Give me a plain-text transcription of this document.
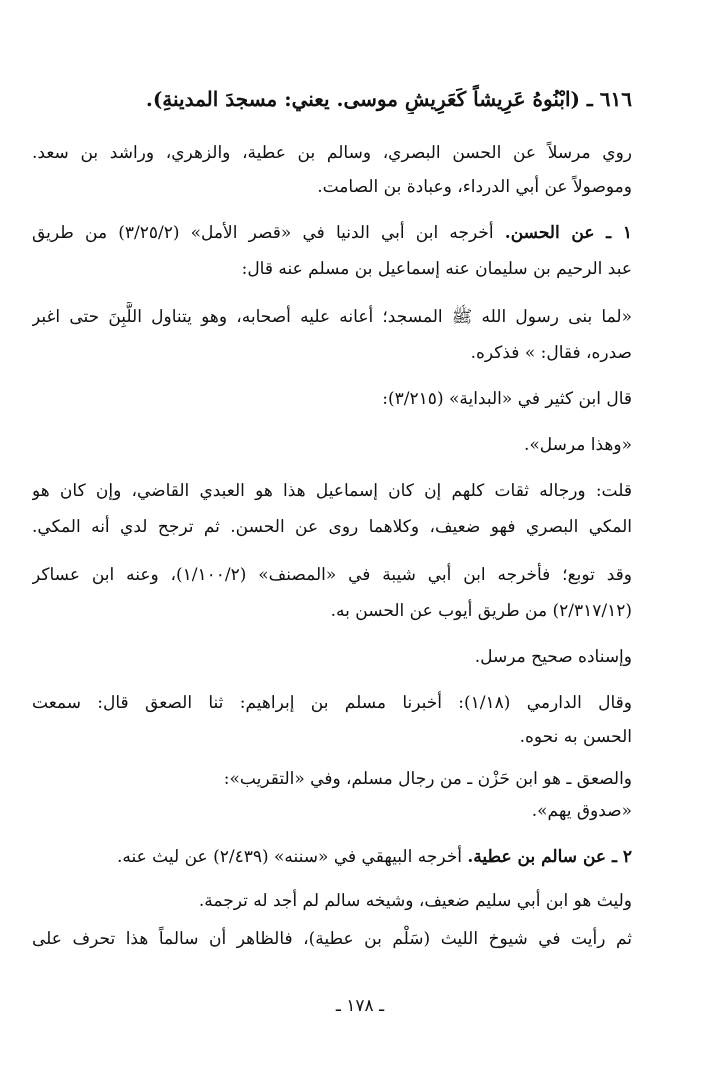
٦١٦ ـ (ابْنُوهُ عَرِيشاً كَعَرِيشِ موسى. يعني: مسجدَ المدينةِ).
روي مرسلاً عن الحسن البصري، وسالم بن عطية، والزهري، وراشد بن سعد.
وموصولاً عن أبي الدرداء، وعبادة بن الصامت.
١ ـ عن الحسن. أخرجه ابن أبي الدنيا في «قصر الأمل» (٣/٢٥/٢) من طريق
عبد الرحيم بن سليمان عنه إسماعيل بن مسلم عنه قال:
«لما بنى رسول الله ﷺ المسجد؛ أعانه عليه أصحابه، وهو يتناول اللَّبِنَ حتى اغبر
صدره، فقال: » فذكره.
قال ابن كثير في «البداية» (٣/٢١٥):
«وهذا مرسل».
قلت: ورجاله ثقات كلهم إن كان إسماعيل هذا هو العبدي القاضي، وإن كان هو
المكي البصري فهو ضعيف، وكلاهما روى عن الحسن. ثم ترجح لدي أنه المكي.
وقد توبع؛ فأخرجه ابن أبي شيبة في «المصنف» (١/١٠٠/٢)، وعنه ابن عساكر
(٢/٣١٧/١٢) من طريق أيوب عن الحسن به.
وإسناده صحيح مرسل.
وقال الدارمي (١/١٨): أخبرنا مسلم بن إبراهيم: ثنا الصعق قال: سمعت
الحسن به نحوه.
والصعق ـ هو ابن حَزْن ـ من رجال مسلم، وفي «التقريب»:
«صدوق يهم».
٢ ـ عن سالم بن عطية. أخرجه البيهقي في «سننه» (٢/٤٣٩) عن ليث عنه.
وليث هو ابن أبي سليم ضعيف، وشيخه سالم لم أجد له ترجمة.
ثم رأيت في شيوخ الليث (سَلْم بن عطية)، فالظاهر أن سالماً هذا تحرف على
ـ ١٧٨ ـ
